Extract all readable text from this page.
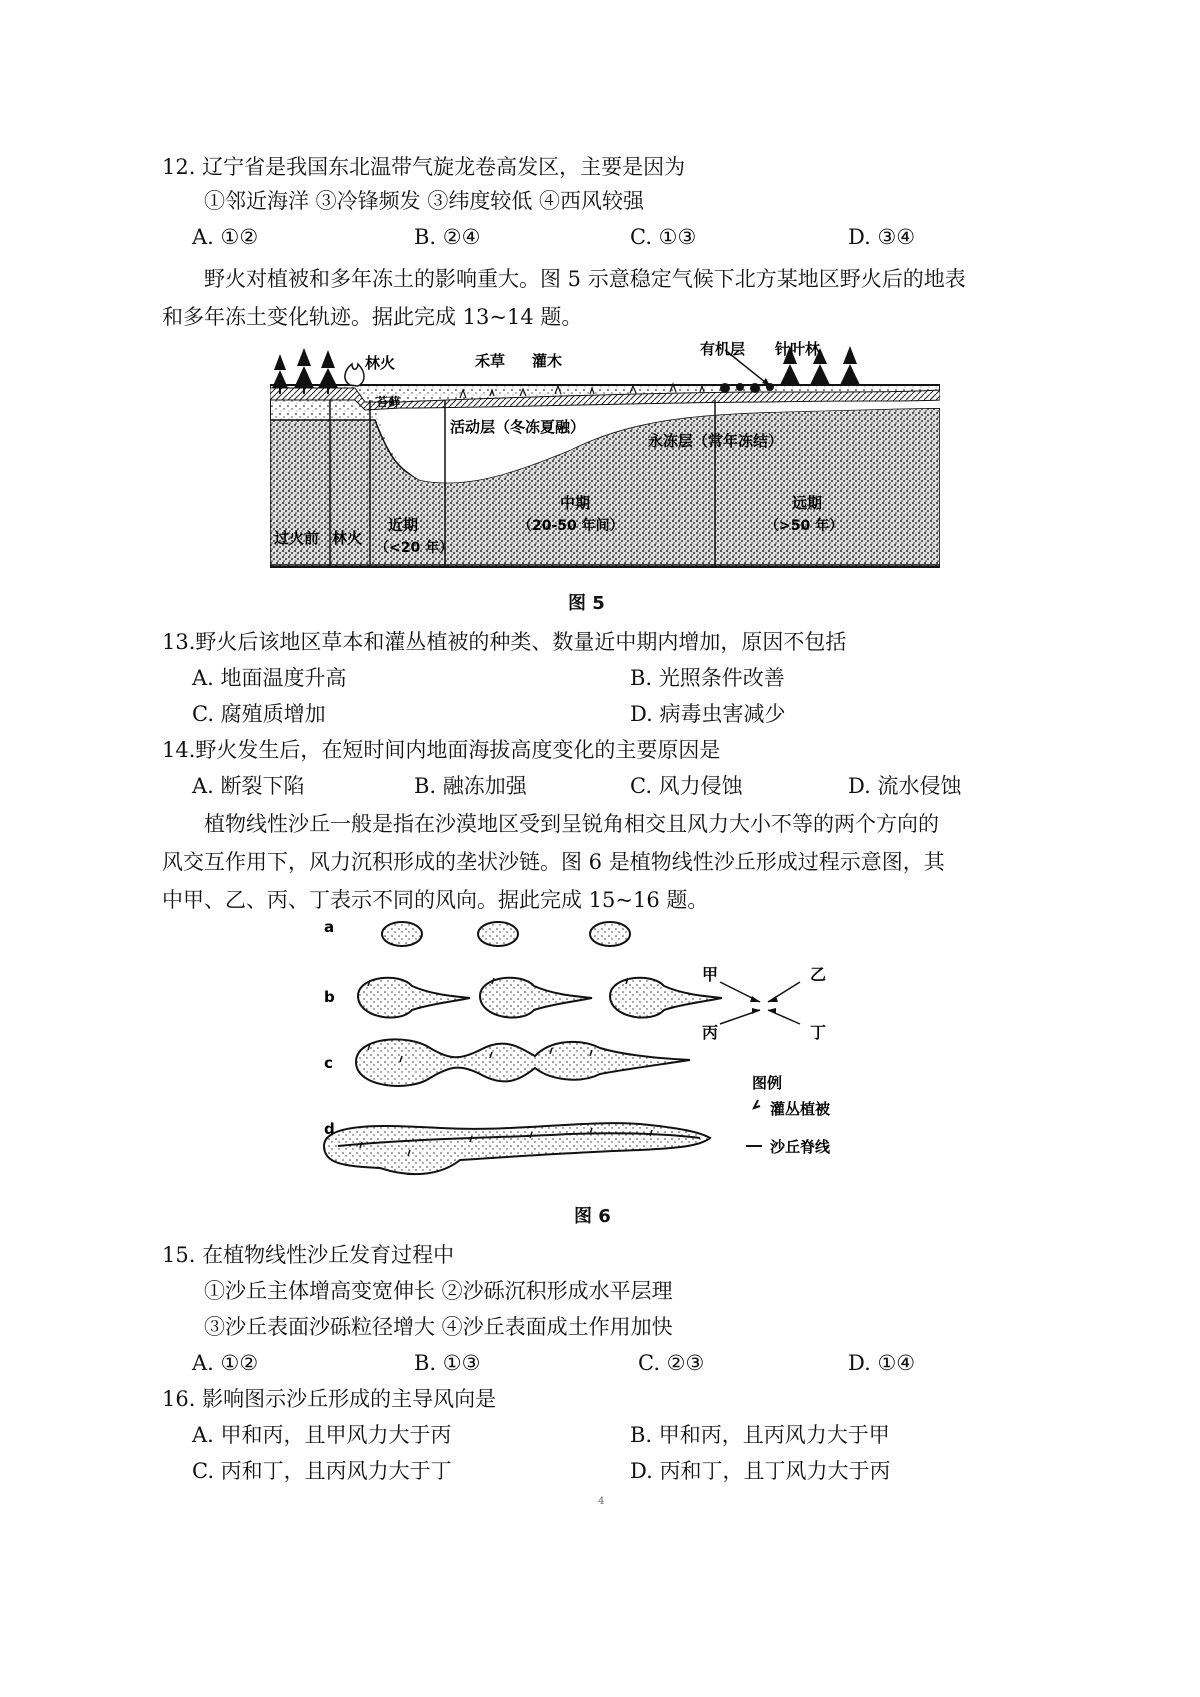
12. 辽宁省是我国东北温带气旋龙卷高发区，主要是因为
①邻近海洋 ③冷锋频发 ③纬度较低 ④西风较强
A. ①②	B. ②④	C. ①③	D. ③④
野火对植被和多年冻土的影响重大。图 5 示意稳定气候下北方某地区野火后的地表
和多年冻土变化轨迹。据此完成 13~14 题。
林火	禾草 灌木
有机层 针叶林
苔藓
活动层（冬冻夏融）
永冻层（常年冻结）
近期
（<20 年）
中期
（20-50 年间）
远期
（>50 年）
过火前 林火
图 5
13.野火后该地区草本和灌丛植被的种类、数量近中期内增加，原因不包括
A. 地面温度升高	B. 光照条件改善
C. 腐殖质增加	D. 病毒虫害减少
14.野火发生后，在短时间内地面海拔高度变化的主要原因是
A. 断裂下陷	B. 融冻加强	C. 风力侵蚀	D. 流水侵蚀
植物线性沙丘一般是指在沙漠地区受到呈锐角相交且风力大小不等的两个方向的
风交互作用下，风力沉积形成的垄状沙链。图 6 是植物线性沙丘形成过程示意图，其
中甲、乙、丙、丁表示不同的风向。据此完成 15~16 题。
a
b
c
d
甲	乙
丙	丁
图例
灌丛植被
沙丘脊线
图 6
15. 在植物线性沙丘发育过程中
①沙丘主体增高变宽伸长 ②沙砾沉积形成水平层理
③沙丘表面沙砾粒径增大 ④沙丘表面成土作用加快
A. ①②	B. ①③	C. ②③	D. ①④
16. 影响图示沙丘形成的主导风向是
A. 甲和丙，且甲风力大于丙	B. 甲和丙，且丙风力大于甲
C. 丙和丁，且丙风力大于丁	D. 丙和丁，且丁风力大于丙
4
